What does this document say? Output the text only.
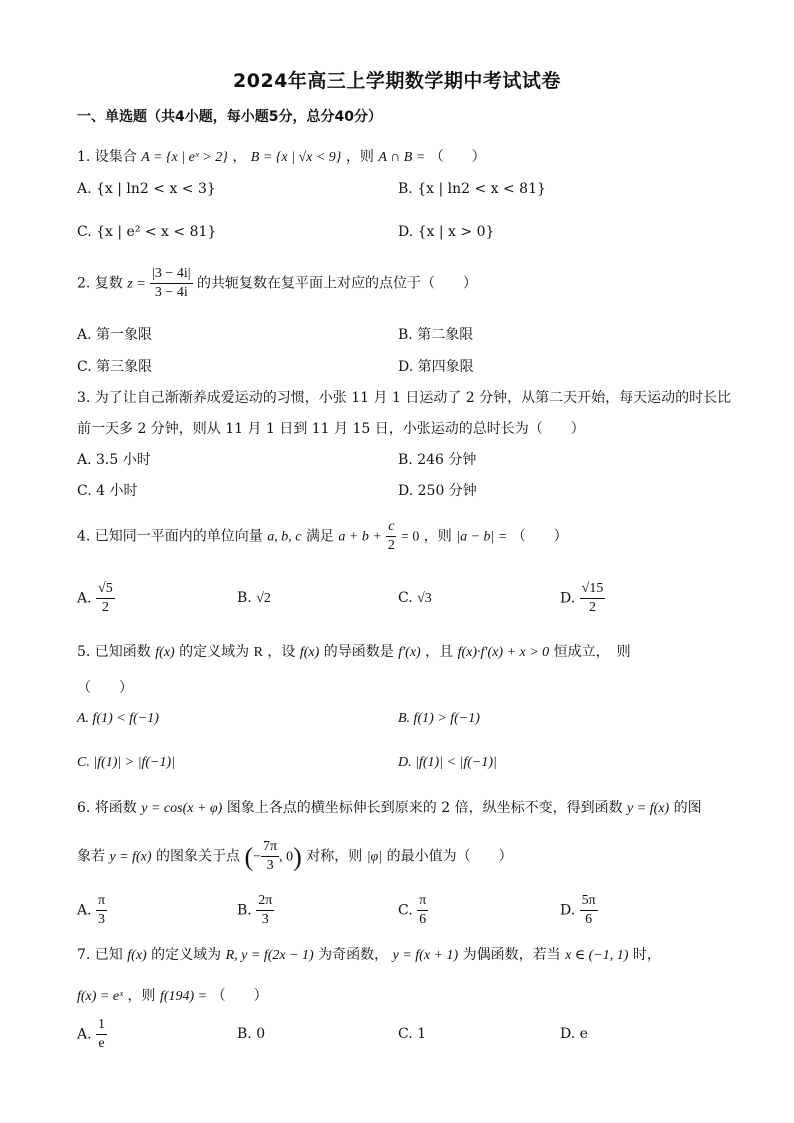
2024年高三上学期数学期中考试试卷
一、单选题（共4小题，每小题5分，总分40分）
1. 设集合 A = {x | eˣ > 2} ， B = {x | √x < 9} ，则 A ∩ B = （　　）
A. {x | ln2 < x < 3}	B. {x | ln2 < x < 81}
C. {x | e² < x < 81}	D. {x | x > 0}
2. 复数 $z = \frac{|3 - 4i|}{3 - 4i}$ 的共轭复数在复平面上对应的点位于（　　）
A. 第一象限	B. 第二象限
C. 第三象限	D. 第四象限
3. 为了让自己渐渐养成爱运动的习惯，小张 11 月 1 日运动了 2 分钟，从第二天开始，每天运动的时长比
前一天多 2 分钟，则从 11 月 1 日到 11 月 15 日，小张运动的总时长为（　　）
A. 3.5 小时	B. 246 分钟
C. 4 小时	D. 250 分钟
4. 已知同一平面内的单位向量 a, b, c 满足 $a + b + \frac{c}{2} = 0$ ，则 |a − b| = （　　）
A. $\frac{√5}{2}$	B. √2	C. √3	D. $\frac{√15}{2}$
5. 已知函数 f(x) 的定义域为 R ，设 f(x) 的导函数是 f′(x) ，且 f(x)·f′(x) + x > 0 恒成立，　则
（　　）
A. f(1) < f(−1)	B. f(1) > f(−1)
C. |f(1)| > |f(−1)|	D. |f(1)| < |f(−1)|
6. 将函数 y = cos(x + φ) 图象上各点的横坐标伸长到原来的 2 倍，纵坐标不变，得到函数 y = f(x) 的图
象若 y = f(x) 的图象关于点 (− $\frac{7\pi}{3}$ , 0) 对称，则 |φ| 的最小值为（　　）
A. $\frac{\pi}{3}$	B. $\frac{2\pi}{3}$	C. $\frac{\pi}{6}$	D. $\frac{5\pi}{6}$
7. 已知 f(x) 的定义域为 R, y = f(2x − 1) 为奇函数， y = f(x + 1) 为偶函数，若当 x ∈ (−1, 1) 时，
f(x) = eˣ ，则 f(194) = （　　）
A. $\frac{1}{e}$	B. 0	C. 1	D. e
